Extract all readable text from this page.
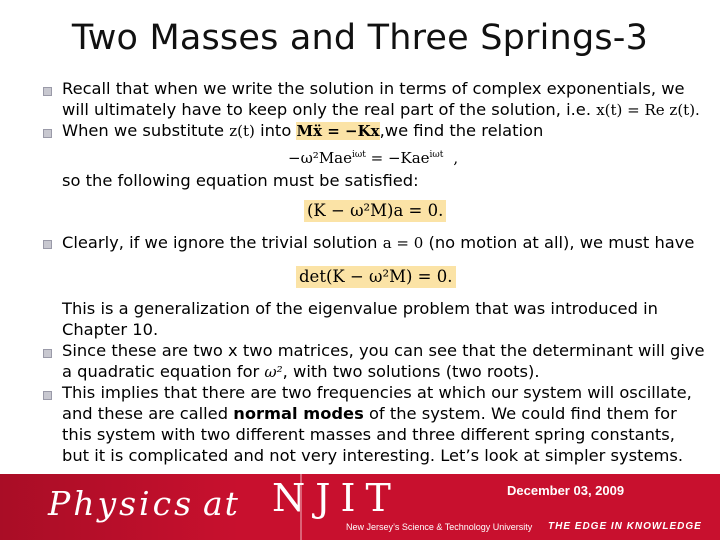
Two Masses and Three Springs-3
Recall that when we write the solution in terms of complex exponentials, we
will ultimately have to keep only the real part of the solution, i.e. x(t) = Re z(t).
When we substitute z(t) into Mẍ = −Kx,we find the relation
−ω²Mae$^{i\omega t}$ = −Kae$^{i\omega t}$ ,
so the following equation must be satisfied:
(K − ω²M)a = 0.
Clearly, if we ignore the trivial solution a = 0 (no motion at all), we must have
det(K − ω²M) = 0.
This is a generalization of the eigenvalue problem that was introduced in
Chapter 10.
Since these are two x two matrices, you can see that the determinant will give
a quadratic equation for ω², with two solutions (two roots).
This implies that there are two frequencies at which our system will oscillate,
and these are called normal modes of the system. We could find them for
this system with two different masses and three different spring constants,
but it is complicated and not very interesting. Let’s look at simpler systems.
Physics at NJIT	December 03, 2009
New Jersey’s Science & Technology University THE EDGE IN KNOWLEDGE
